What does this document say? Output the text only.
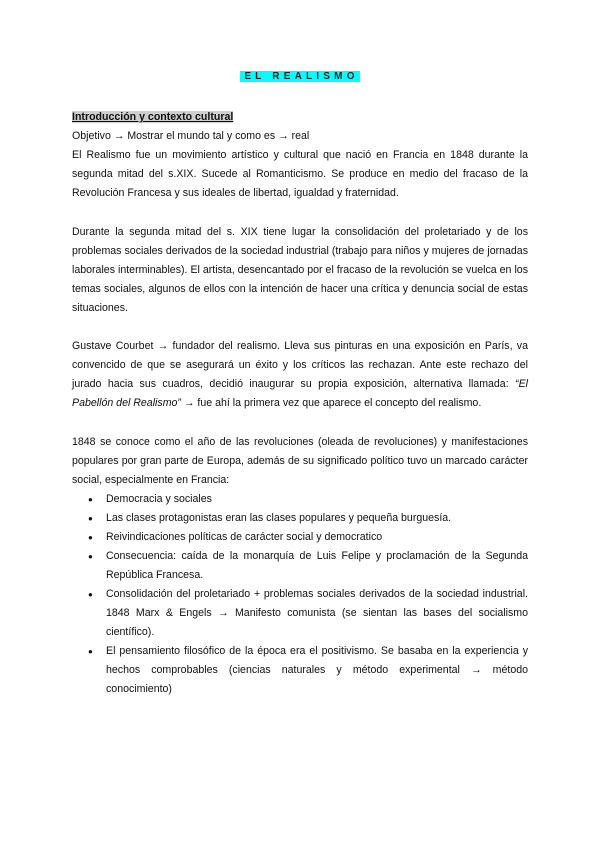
EL REALISMO

Introducción y contexto cultural

Objetivo → Mostrar el mundo tal y como es → real

El Realismo fue un movimiento artístico y cultural que nació en Francia en 1848 durante la segunda mitad del s.XIX. Sucede al Romanticismo. Se produce en medio del fracaso de la Revolución Francesa y sus ideales de libertad, igualdad y fraternidad.

Durante la segunda mitad del s. XIX tiene lugar la consolidación del proletariado y de los problemas sociales derivados de la sociedad industrial (trabajo para niños y mujeres de jornadas laborales interminables). El artista, desencantado por el fracaso de la revolución se vuelca en los temas sociales, algunos de ellos con la intención de hacer una crítica y denuncia social de estas situaciones.

Gustave Courbet → fundador del realismo. Lleva sus pinturas en una exposición en París, va convencido de que se asegurará un éxito y los críticos las rechazan. Ante este rechazo del jurado hacia sus cuadros, decidió inaugurar su propia exposición, alternativa llamada: “El Pabellón del Realismo” → fue ahí la primera vez que aparece el concepto del realismo.

1848 se conoce como el año de las revoluciones (oleada de revoluciones) y manifestaciones populares por gran parte de Europa, además de su significado político tuvo un marcado carácter social, especialmente en Francia:

● Democracia y sociales
● Las clases protagonistas eran las clases populares y pequeña burguesía.
● Reivindicaciones políticas de carácter social y democratico
● Consecuencia: caída de la monarquía de Luis Felipe y proclamación de la Segunda República Francesa.
● Consolidación del proletariado + problemas sociales derivados de la sociedad industrial. 1848 Marx & Engels → Manifesto comunista (se sientan las bases del socialismo científico).
● El pensamiento filosófico de la época era el positivismo. Se basaba en la experiencia y hechos comprobables (ciencias naturales y método experimental → método conocimiento)
